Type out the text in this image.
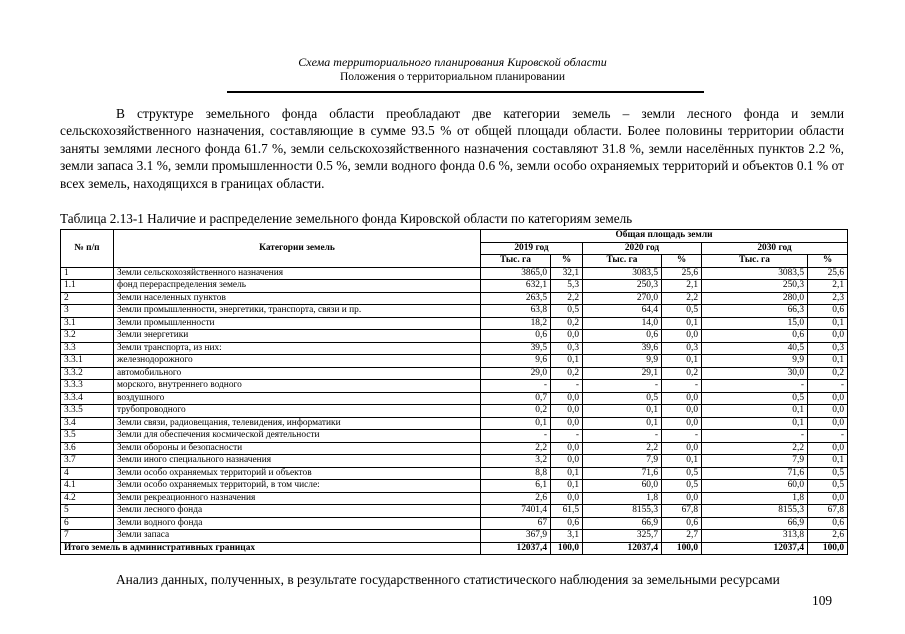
Схема территориального планирования Кировской области
Положения о территориальном планировании

В структуре земельного фонда области преобладают две категории земель – земли лесного фонда и земли сельскохозяйственного назначения, составляющие в сумме 93.5 % от общей площади области. Более половины территории области заняты землями лесного фонда 61.7 %, земли сельскохозяйственного назначения составляют 31.8 %, земли населённых пунктов 2.2 %, земли запаса 3.1 %, земли промышленности 0.5 %, земли водного фонда 0.6 %, земли особо охраняемых территорий и объектов 0.1 % от всех земель, находящихся в границах области.

Таблица 2.13-1 Наличие и распределение земельного фонда Кировской области по категориям земель
№ п/п	Категории земель	Общая площадь земли					
		2019 год		2020 год		2030 год	
		Тыс. га	%	Тыс. га	%	Тыс. га	%
1	Земли сельскохозяйственного назначения	3865,0	32,1	3083,5	25,6	3083,5	25,6
1.1	фонд перераспределения земель	632,1	5,3	250,3	2,1	250,3	2,1
2	Земли населенных пунктов	263,5	2,2	270,0	2,2	280,0	2,3
3	Земли промышленности, энергетики, транспорта, связи и пр.	63,8	0,5	64,4	0,5	66,3	0,6
3.1	Земли промышленности	18,2	0,2	14,0	0,1	15,0	0,1
3.2	Земли энергетики	0,6	0,0	0,6	0,0	0,6	0,0
3.3	Земли транспорта, из них:	39,5	0,3	39,6	0,3	40,5	0,3
3.3.1	железнодорожного	9,6	0,1	9,9	0,1	9,9	0,1
3.3.2	автомобильного	29,0	0,2	29,1	0,2	30,0	0,2
3.3.3	морского, внутреннего водного	-	-	-	-	-	-
3.3.4	воздушного	0,7	0,0	0,5	0,0	0,5	0,0
3.3.5	трубопроводного	0,2	0,0	0,1	0,0	0,1	0,0
3.4	Земли связи, радиовещания, телевидения, информатики	0,1	0,0	0,1	0,0	0,1	0,0
3.5	Земли для обеспечения космической деятельности	-	-	-	-	-	-
3.6	Земли обороны и безопасности	2,2	0,0	2,2	0,0	2,2	0,0
3.7	Земли иного специального назначения	3,2	0,0	7,9	0,1	7,9	0,1
4	Земли особо охраняемых территорий и объектов	8,8	0,1	71,6	0,5	71,6	0,5
4.1	Земли особо охраняемых территорий, в том числе:	6,1	0,1	60,0	0,5	60,0	0,5
4.2	Земли рекреационного назначения	2,6	0,0	1,8	0,0	1,8	0,0
5	Земли лесного фонда	7401,4	61,5	8155,3	67,8	8155,3	67,8
6	Земли водного фонда	67	0,6	66,9	0,6	66,9	0,6
7	Земли запаса	367,9	3,1	325,7	2,7	313,8	2,6
Итого земель в административных границах		12037,4	100,0	12037,4	100,0	12037,4	100,0

Анализ данных, полученных, в результате государственного статистического наблюдения за земельными ресурсами

109
